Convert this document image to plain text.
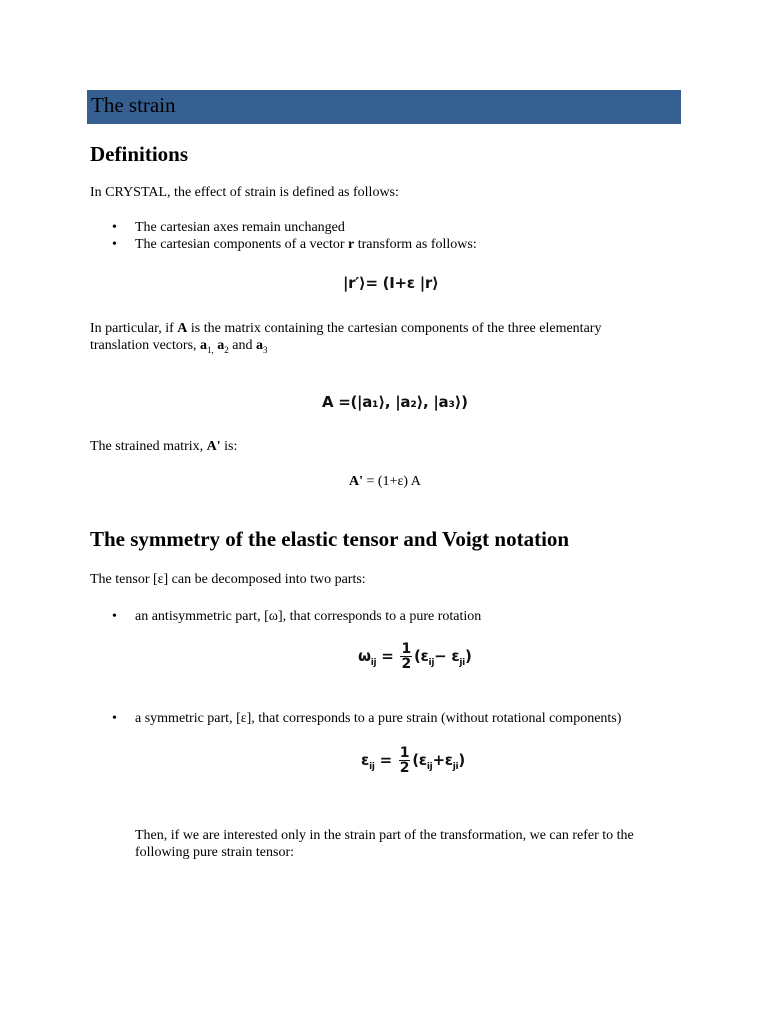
The strain
Definitions

In CRYSTAL, the effect of strain is defined as follows:

• The cartesian axes remain unchanged
• The cartesian components of a vector r transform as follows:
|r′⟩= (I+ε |r⟩

In particular, if A is the matrix containing the cartesian components of the three elementary
translation vectors, $a_{1,}$ $a_2$ and $a_3$

A =(|a₁⟩, |a₂⟩, |a₃⟩)

The strained matrix, A' is:

A' = (1+ε) A
The symmetry of the elastic tensor and Voigt notation

The tensor [ε] can be decomposed into two parts:

• an antisymmetric part, [ω], that corresponds to a pure rotation
$\omega_{ij} = \frac{1}{2} (\varepsilon_{ij}- \varepsilon_{ji})$
• a symmetric part, [ε], that corresponds to a pure strain (without rotational components)
$\varepsilon_{ij} = \frac{1}{2} (\varepsilon_{ij}+\varepsilon_{ji})$

Then, if we are interested only in the strain part of the transformation, we can refer to the
following pure strain tensor:
